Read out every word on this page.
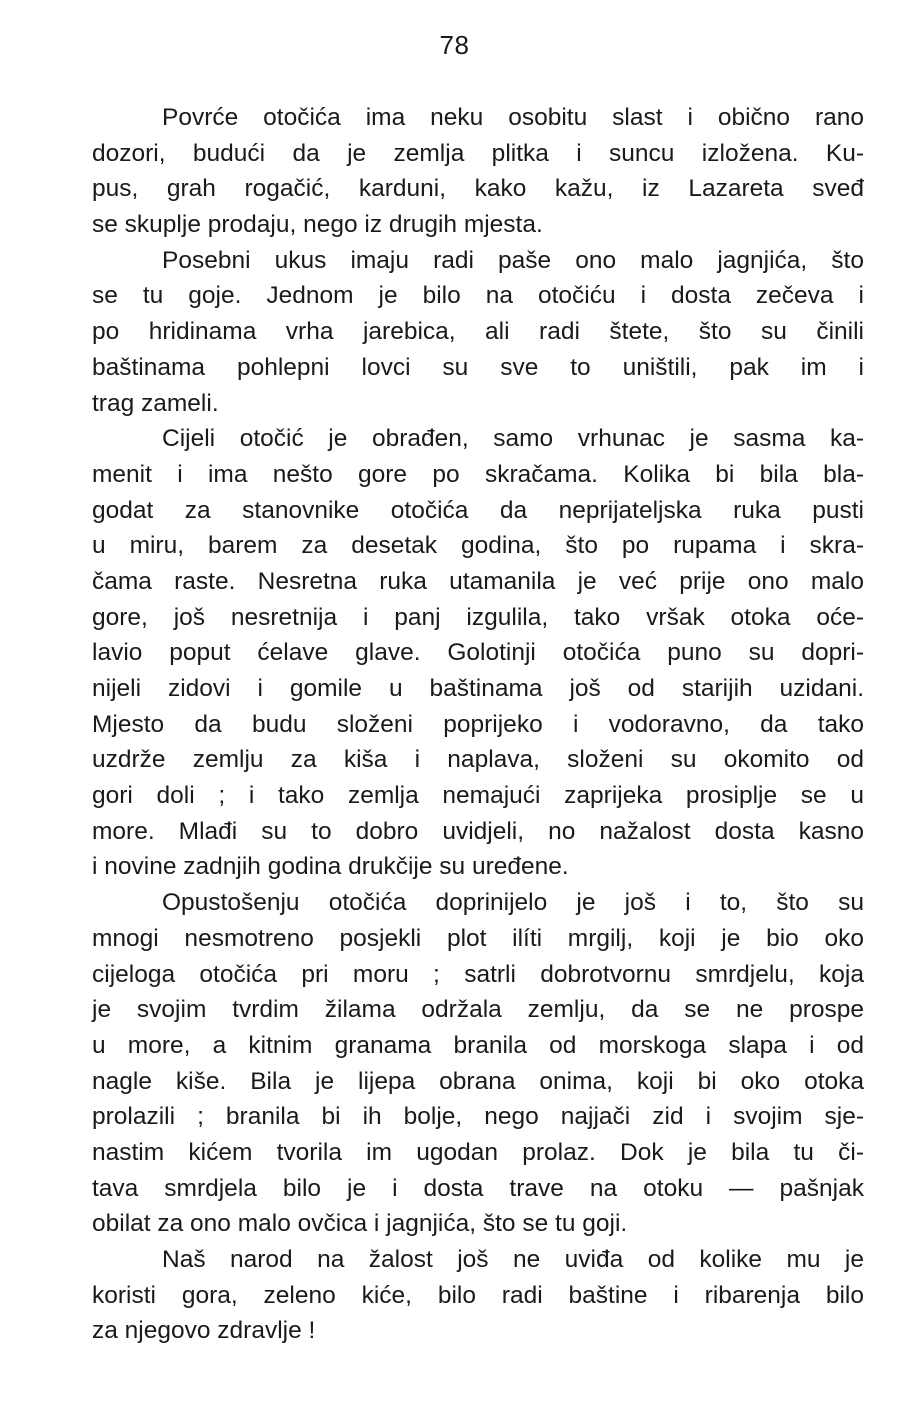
78
Povrće otočića ima neku osobitu slast i obično rano
dozori, budući da je zemlja plitka i suncu izložena. Ku-
pus, grah rogačić, karduni, kako kažu, iz Lazareta sveđ
se skuplje prodaju, nego iz drugih mjesta.
Posebni ukus imaju radi paše ono malo jagnjića, što
se tu goje. Jednom je bilo na otočiću i dosta zečeva i
po hridinama vrha jarebica, ali radi štete, što su činili
baštinama pohlepni lovci su sve to uništili, pak im i
trag zameli.
Cijeli otočić je obrađen, samo vrhunac je sasma ka-
menit i ima nešto gore po skračama. Kolika bi bila bla-
godat za stanovnike otočića da neprijateljska ruka pusti
u miru, barem za desetak godina, što po rupama i skra-
čama raste. Nesretna ruka utamanila je već prije ono malo
gore, još nesretnija i panj izgulila, tako vršak otoka oće-
lavio poput ćelave glave. Golotinji otočića puno su dopri-
nijeli zidovi i gomile u baštinama još od starijih uzidani.
Mjesto da budu složeni poprijeko i vodoravno, da tako
uzdrže zemlju za kiša i naplava, složeni su okomito od
gori doli ; i tako zemlja nemajući zaprijeka prosiplje se u
more. Mlađi su to dobro uvidjeli, no nažalost dosta kasno
i novine zadnjih godina drukčije su uređene.
Opustošenju otočića doprinijelo je još i to, što su
mnogi nesmotreno posjekli plot ilíti mrgilj, koji je bio oko
cijeloga otočića pri moru ; satrli dobrotvornu smrdjelu, koja
je svojim tvrdim žilama održala zemlju, da se ne prospe
u more, a kitnim granama branila od morskoga slapa i od
nagle kiše. Bila je lijepa obrana onima, koji bi oko otoka
prolazili ; branila bi ih bolje, nego najjači zid i svojim sje-
nastim kićem tvorila im ugodan prolaz. Dok je bila tu či-
tava smrdjela bilo je i dosta trave na otoku — pašnjak
obilat za ono malo ovčica i jagnjića, što se tu goji.
Naš narod na žalost još ne uviđa od kolike mu je
koristi gora, zeleno kiće, bilo radi baštine i ribarenja bilo
za njegovo zdravlje !
